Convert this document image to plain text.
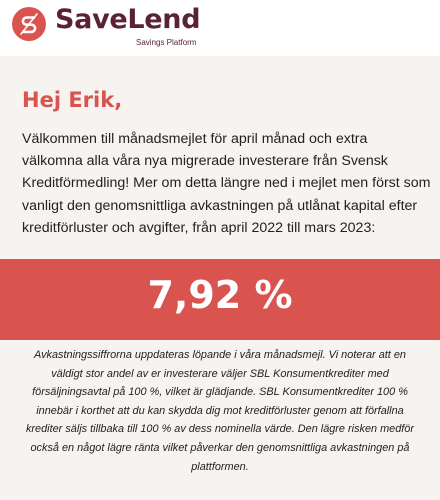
SaveLend
Savings Platform
Hej Erik,

Välkommen till månadsmejlet för april månad och extra välkomna alla våra nya migrerade investerare från Svensk Kreditförmedling! Mer om detta längre ned i mejlet men först som vanligt den genomsnittliga avkastningen på utlånat kapital efter kreditförluster och avgifter, från april 2022 till mars 2023:

7,92 %

Avkastningssiffrorna uppdateras löpande i våra månadsmejl. Vi noterar att en väldigt stor andel av er investerare väljer SBL Konsumentkrediter med försäljningsavtal på 100 %, vilket är glädjande. SBL Konsumentkrediter 100 % innebär i korthet att du kan skydda dig mot kreditförluster genom att förfallna krediter säljs tillbaka till 100 % av dess nominella värde. Den lägre risken medför också en något lägre ränta vilket påverkar den genomsnittliga avkastningen på plattformen.
